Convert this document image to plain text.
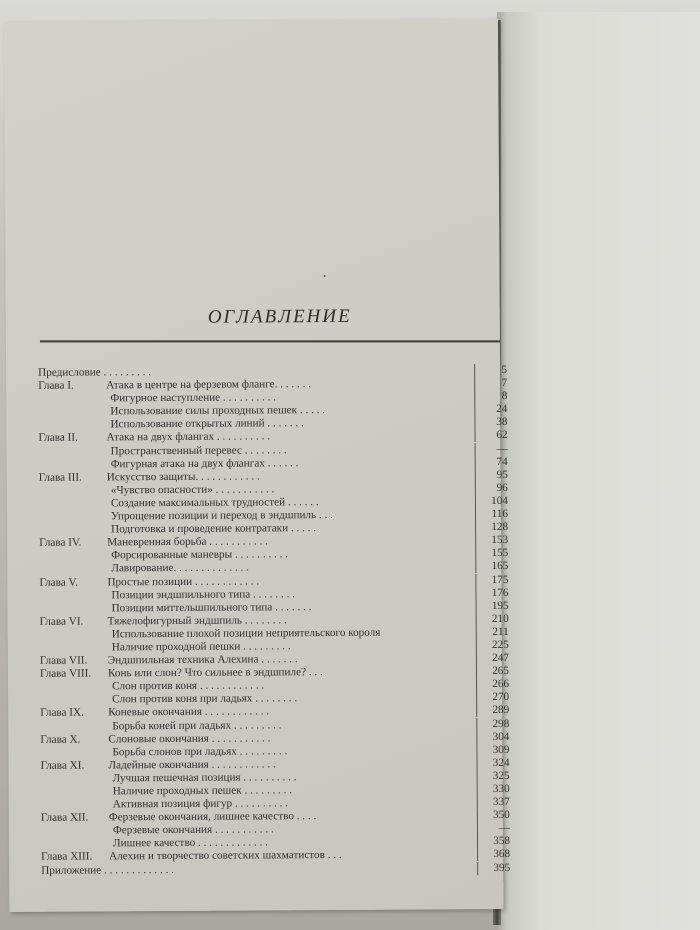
ОГЛАВЛЕНИЕ
Предисловие . . . . . . . . .	5
Глава I.	Атака в центре на ферзевом фланге. . . . . . .	7
Фигурное наступление . . . . . . . . . .	8
Использование силы проходных пешек . . . . .	24
Использование открытых линий . . . . . . .	38
Глава II.	Атака на двух флангах . . . . . . . . . .	62
Пространственный перевес . . . . . . . .	—
Фигурная атака на двух флангах . . . . . .	74
Глава III. Искусство защиты. . . . . . . . . . . .	95
«Чувство опасности» . . . . . . . . . . .	96
Создание максимальных трудностей . . . . . .	104
Упрощение позиции и переход в эндшпиль . . .	116
Подготовка и проведение контратаки . . . . .	128
Глава IV. Маневренная борьба . . . . . . . . . . .	153
Форсированные маневры . . . . . . . . . .	155
Лавирование. . . . . . . . . . . . . .	165
Глава V.	Простые позиции . . . . . . . . . . . .	175
Позиции эндшпильного типа . . . . . . . .	176
Позиции миттельшпильного типа . . . . . . .	195
Глава VI. Тяжелофигурный эндшпиль . . . . . . . .	210
Использование плохой позиции неприятельского короля	211
Наличие проходной пешки . . . . . . . . .	225
Глава VII. Эндшпильная техника Алехина . . . . . . .	247
Глава VIII. Конь или слон? Что сильнее в эндшпиле? . . .	265
Слон против коня . . . . . . . . . . . .	266
Слон против коня при ладьях . . . . . . . .	270
Глава IX. Коневые окончания . . . . . . . . . . . .	289
Борьба коней при ладьях . . . . . . . . .	298
Глава X. Слоновые окончания . . . . . . . . . . .	304
Борьба слонов при ладьях . . . . . . . . .	309
Глава XI. Ладейные окончания . . . . . . . . . . . .	324
Лучшая пешечная позиция . . . . . . . . . .	325
Наличие проходных пешек . . . . . . . . .	330
Активная позиция фигур . . . . . . . . . .	337
Глава XII. Ферзевые окончания, лишнее качество . . . .	350
Ферзевые окончания . . . . . . . . . . .	—
Лишнее качество . . . . . . . . . . . . .	358
Глава XIII. Алехин и творчество советских шахматистов . . .	368
Приложение . . . . . . . . . . . . .	395
